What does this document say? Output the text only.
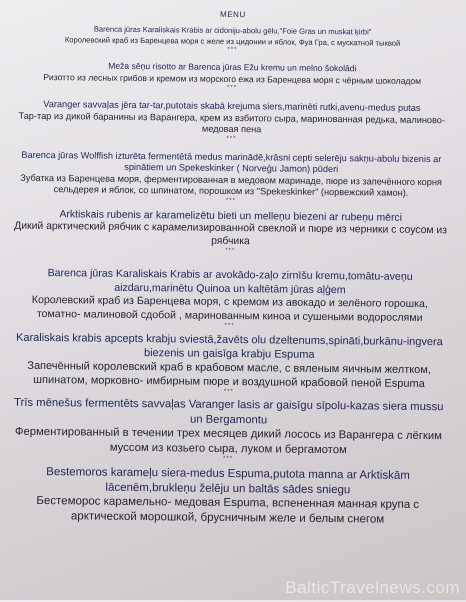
MENU
Barenca jūras Karaliskais Krabis ar cidoniju-abolu gēlu,"Foie Gras un muskat ķirbi"
Королевский краб из Баренцева моря с желе из цидонии и яблок, Фуа Гра, с мускатной тыквой
***
Meža sēņu risotto ar Barenca jūras Ežu kremu un melno šokolādi
Ризотто из лесных грибов и кремом из морского ежа из Баренцева моря с чёрным шоколадом
***
Varanger savvaļas jēra tar-tar,putotais skabā krejuma siers,marinēti rutki,avenu-medus putas
Тар-тар из дикой баранины из Варангера, крем из взбитого сыра, маринованная редька, малиново-медовая пена
***
Barenca jūras Wolffish izturēta fermentētā medus marinādē,krāsni cepti selerēju sakņu-abolu bizenis ar spinātiem un Spekeskinker ( Norveģu Jamon) pūderi
Зубатка из Баренцева моря, ферментированная в медовом маринаде, пюре из запечённого корня сельдерея и яблок, со шпинатом, порошком из "Spekeskinker" (норвежский хамон).
***
Arktiskais rubenis ar karamelizētu bieti un melleņu biezeni ar rubeņu mērci
Дикий арктический рябчик с карамелизированной свеклой и пюре из черники с соусом из рябчика
***
Barenca jūras Karaliskais Krabis ar avokādo-zaļo zirnīšu kremu,tomātu-aveņu aizdaru,marinētu Quinoa un kaltētām jūras aļģem
Королевский краб из Баренцева моря, с кремом из авокадо и зелёного горошка, томатно- малиновой сдобой , маринованным киноа и сушеными водорослями
***
Karaliskais krabis apcepts krabju sviestā,žavēts olu dzeltenums,spināti,burkānu-ingvera biezenis un gaisīga krabju Espuma
Запечённый королевский краб в крабовом масле, с вяленым яичным желтком, шпинатом, морковно- имбирным пюре и воздушной крабовой пеной Espuma
***
Trīs mēnešus fermentēts savvaļas Varanger lasis ar gaisīgu sīpolu-kazas siera mussu un Bergamontu
Ферментированный в течении трех месяцев дикий лосось из Варангера с лёгким муссом из козьего сыра, луком и бергамотом
***
Bestemoros karameļu siera-medus Espuma,putota manna ar Arktiskām lācenēm,brukleņu želēju un baltās sādes sniegu
Бестеморос карамельно- медовая Espuma, вспененная манная крупа с арктической морошкой, брусничным желе и белым снегом
BalticTravelnews.com
